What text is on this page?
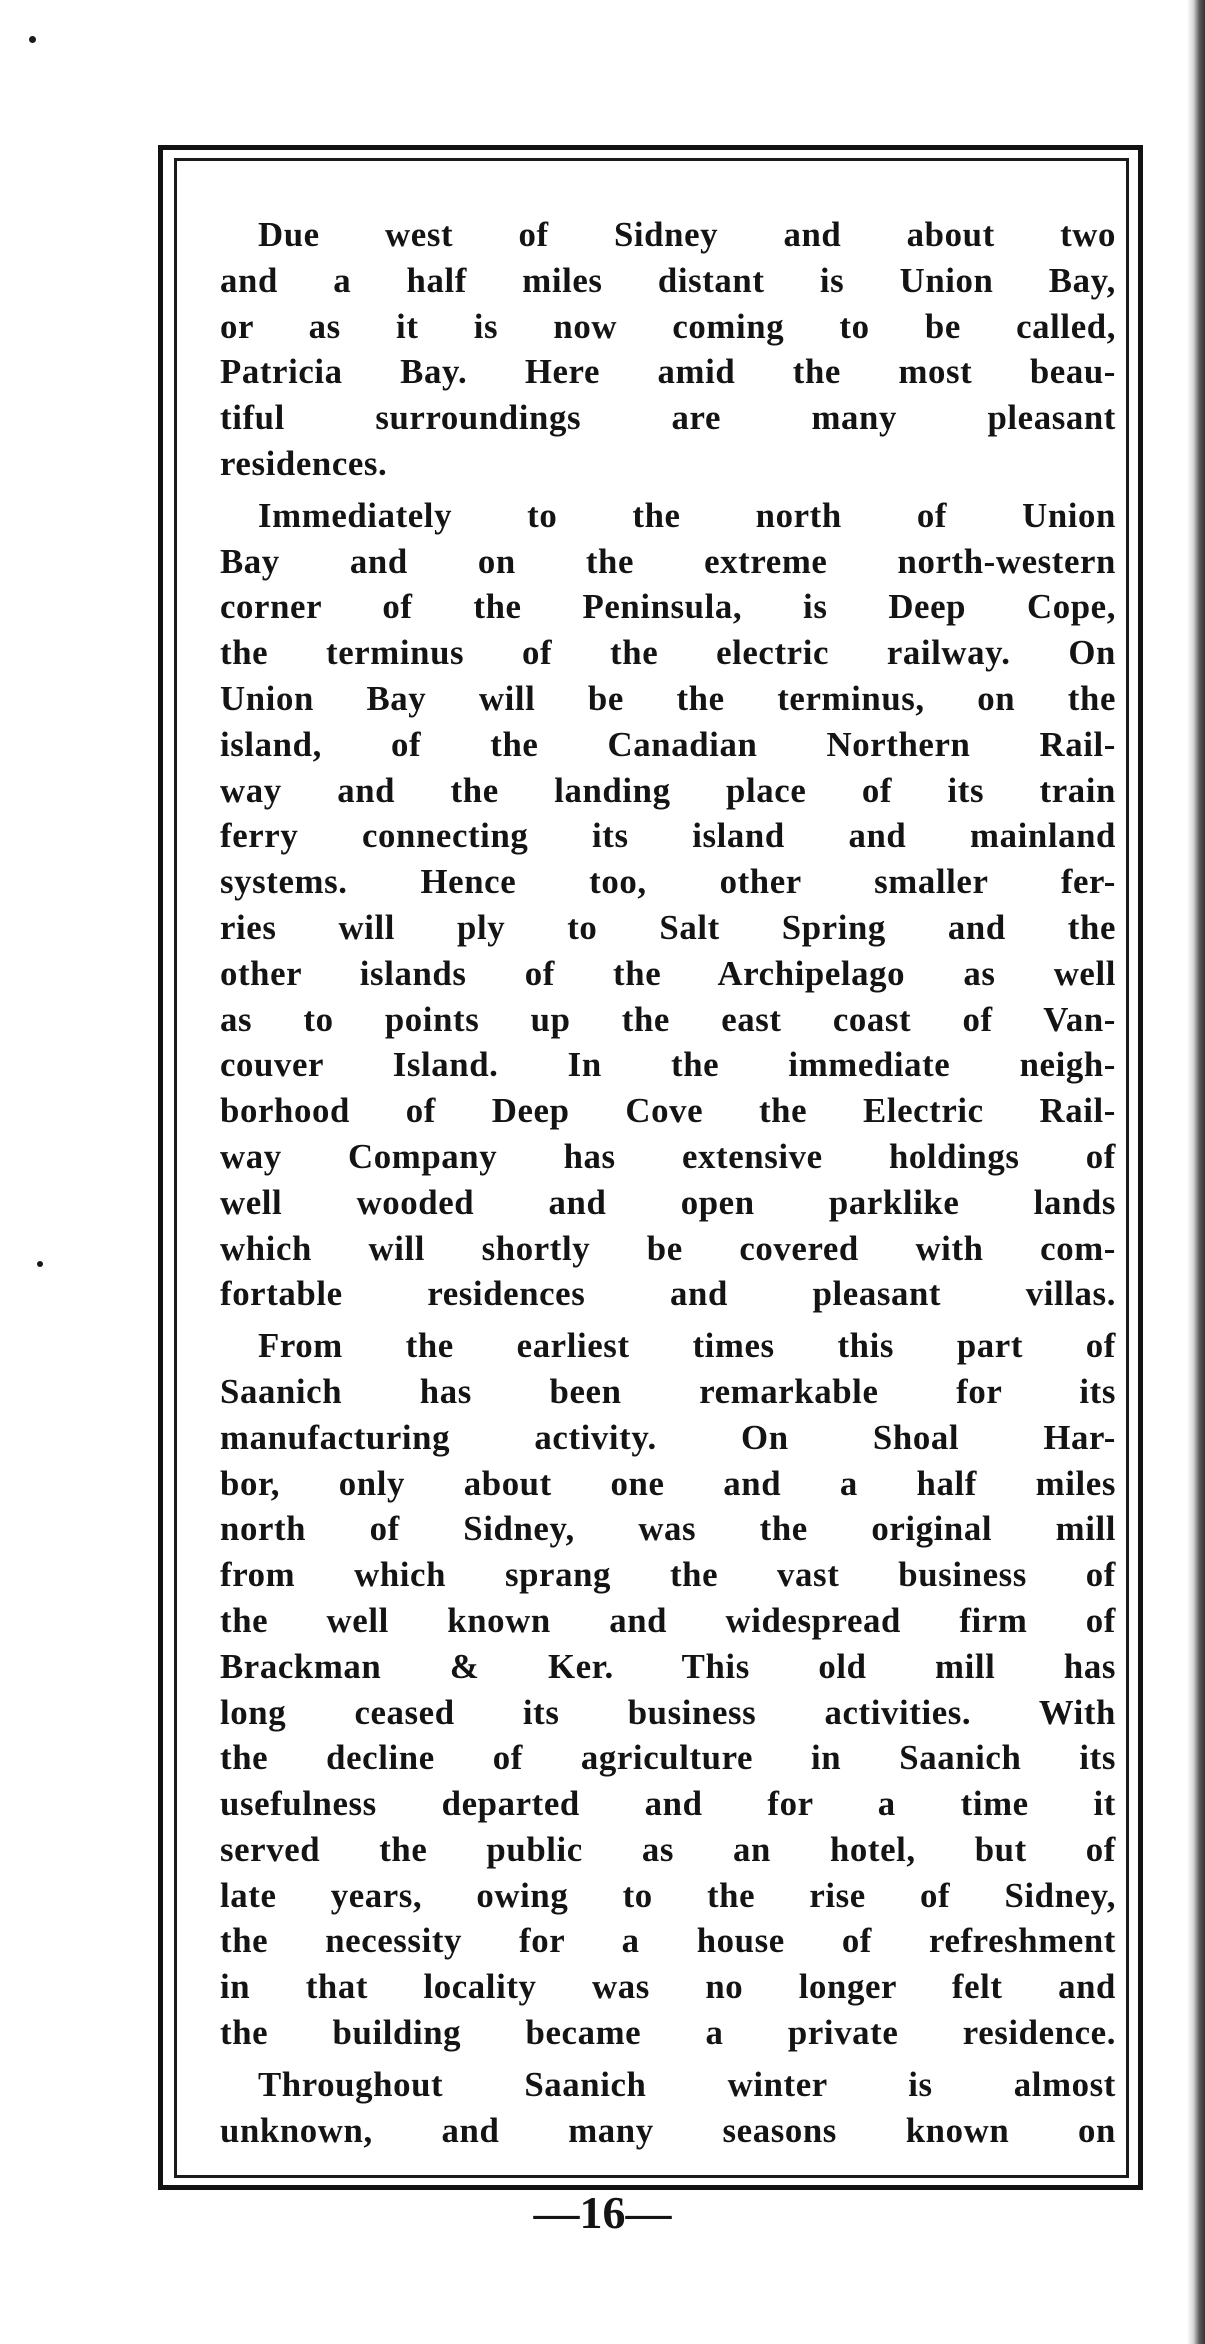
Due west of Sidney and about two
and a half miles distant is Union Bay,
or as it is now coming to be called,
Patricia Bay. Here amid the most beau-
tiful surroundings are many pleasant
residences.

Immediately to the north of Union
Bay and on the extreme north-western
corner of the Peninsula, is Deep Cope,
the terminus of the electric railway. On
Union Bay will be the terminus, on the
island, of the Canadian Northern Rail-
way and the landing place of its train
ferry connecting its island and mainland
systems. Hence too, other smaller fer-
ries will ply to Salt Spring and the
other islands of the Archipelago as well
as to points up the east coast of Van-
couver Island. In the immediate neigh-
borhood of Deep Cove the Electric Rail-
way Company has extensive holdings of
well wooded and open parklike lands
which will shortly be covered with com-
fortable residences and pleasant villas.

From the earliest times this part of
Saanich has been remarkable for its
manufacturing activity. On Shoal Har-
bor, only about one and a half miles
north of Sidney, was the original mill
from which sprang the vast business of
the well known and widespread firm of
Brackman & Ker. This old mill has
long ceased its business activities. With
the decline of agriculture in Saanich its
usefulness departed and for a time it
served the public as an hotel, but of
late years, owing to the rise of Sidney,
the necessity for a house of refreshment
in that locality was no longer felt and
the building became a private residence.

Throughout Saanich winter is almost
unknown, and many seasons known on

—16—
